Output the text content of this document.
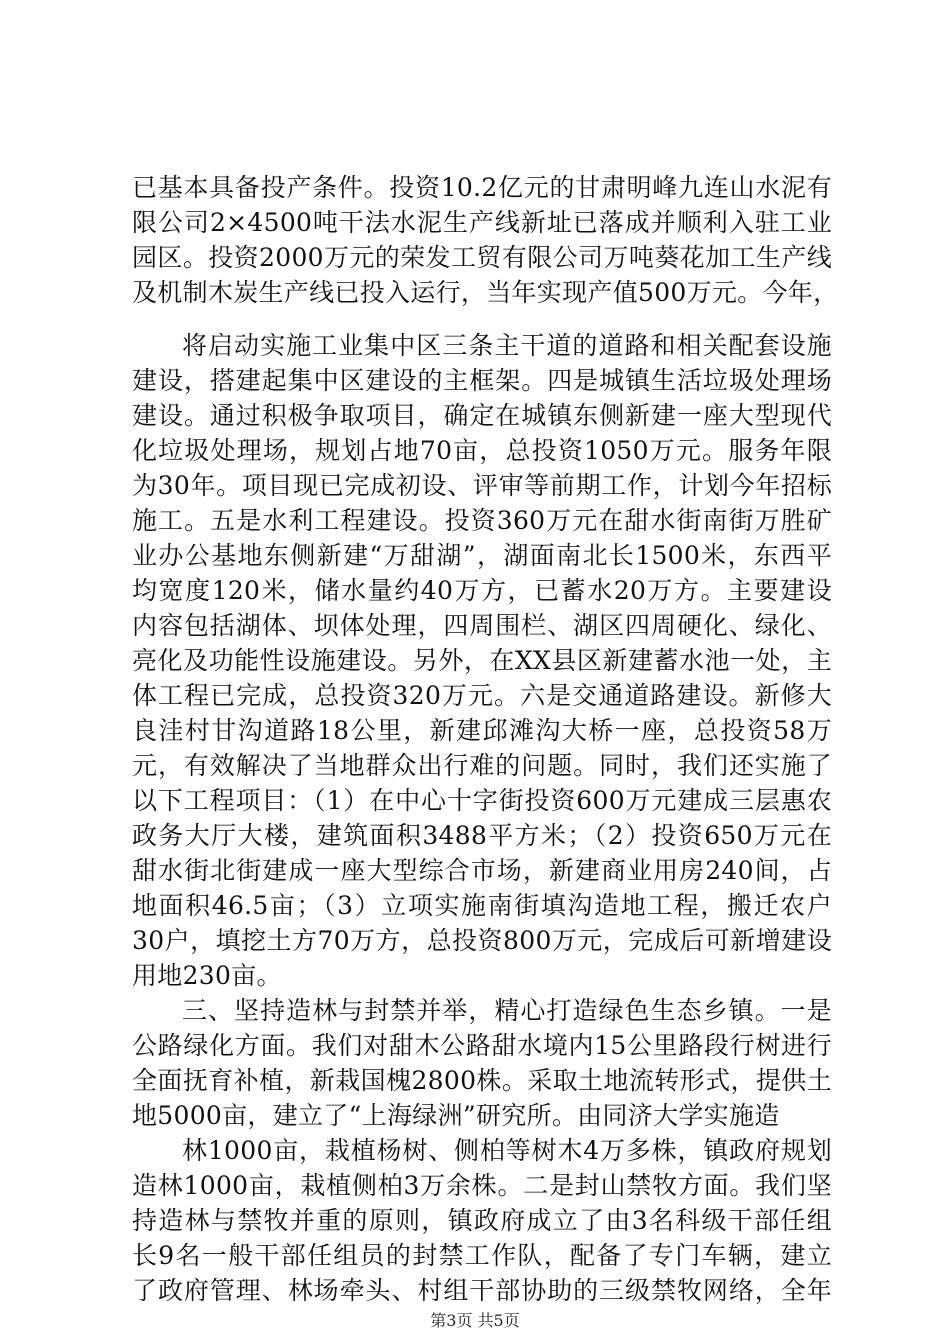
已基本具备投产条件。投资10.2亿元的甘肃明峰九连山水泥有
限公司2×4500吨干法水泥生产线新址已落成并顺利入驻工业
园区。投资2000万元的荣发工贸有限公司万吨葵花加工生产线
及机制木炭生产线已投入运行，当年实现产值500万元。今年，
将启动实施工业集中区三条主干道的道路和相关配套设施
建设，搭建起集中区建设的主框架。四是城镇生活垃圾处理场
建设。通过积极争取项目，确定在城镇东侧新建一座大型现代
化垃圾处理场，规划占地70亩，总投资1050万元。服务年限
为30年。项目现已完成初设、评审等前期工作，计划今年招标
施工。五是水利工程建设。投资360万元在甜水街南街万胜矿
业办公基地东侧新建“万甜湖”，湖面南北长1500米，东西平
均宽度120米，储水量约40万方，已蓄水20万方。主要建设
内容包括湖体、坝体处理，四周围栏、湖区四周硬化、绿化、
亮化及功能性设施建设。另外，在XX县区新建蓄水池一处，主
体工程已完成，总投资320万元。六是交通道路建设。新修大
良洼村甘沟道路18公里，新建邱滩沟大桥一座，总投资58万
元，有效解决了当地群众出行难的问题。同时，我们还实施了
以下工程项目：（1）在中心十字街投资600万元建成三层惠农
政务大厅大楼，建筑面积3488平方米；（2）投资650万元在
甜水街北街建成一座大型综合市场，新建商业用房240间，占
地面积46.5亩；（3）立项实施南街填沟造地工程，搬迁农户
30户，填挖土方70万方，总投资800万元，完成后可新增建设
用地230亩。
三、坚持造林与封禁并举，精心打造绿色生态乡镇。一是
公路绿化方面。我们对甜木公路甜水境内15公里路段行树进行
全面抚育补植，新栽国槐2800株。采取土地流转形式，提供土
地5000亩，建立了“上海绿洲”研究所。由同济大学实施造
林1000亩，栽植杨树、侧柏等树木4万多株，镇政府规划
造林1000亩，栽植侧柏3万余株。二是封山禁牧方面。我们坚
持造林与禁牧并重的原则，镇政府成立了由3名科级干部任组
长9名一般干部任组员的封禁工作队，配备了专门车辆，建立
了政府管理、林场牵头、村组干部协助的三级禁牧网络，全年
第3页 共5页
